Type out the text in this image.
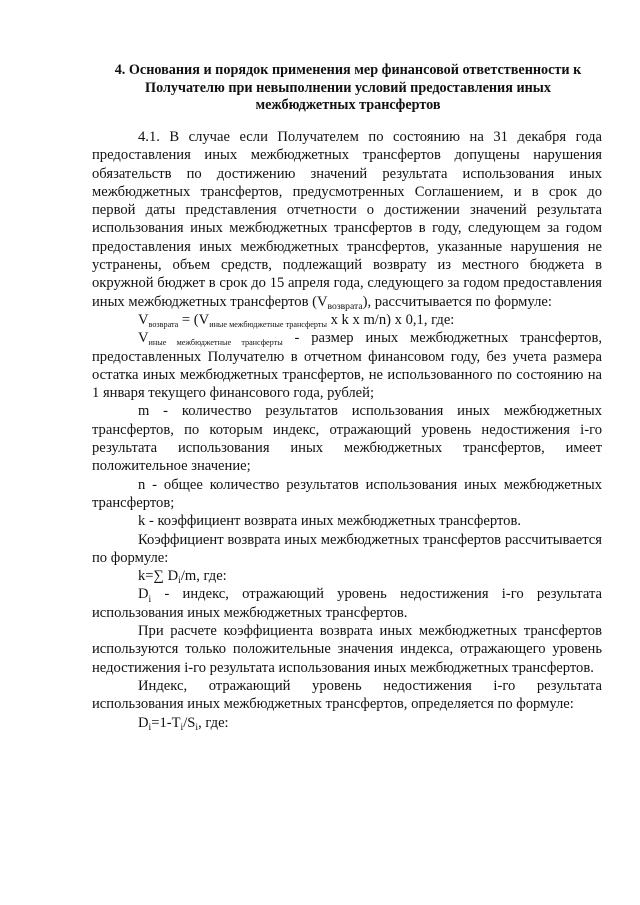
4. Основания и порядок применения мер финансовой ответственности к
Получателю при невыполнении условий предоставления иных
межбюджетных трансфертов

4.1. В случае если Получателем по состоянию на 31 декабря года предоставления иных межбюджетных трансфертов допущены нарушения обязательств по достижению значений результата использования иных межбюджетных трансфертов, предусмотренных Соглашением, и в срок до первой даты представления отчетности о достижении значений результата использования иных межбюджетных трансфертов в году, следующем за годом предоставления иных межбюджетных трансфертов, указанные нарушения не устранены, объем средств, подлежащий возврату из местного бюджета в окружной бюджет в срок до 15 апреля года, следующего за годом предоставления иных межбюджетных трансфертов $(V_{возврата})$, рассчитывается по формуле:

$V_{возврата} = (V_{иные межбюджетные трансферты}$ x k x m/n) x 0,1, где:

$V_{иные межбюджетные трансферты}$ - размер иных межбюджетных трансфертов, предоставленных Получателю в отчетном финансовом году, без учета размера остатка иных межбюджетных трансфертов, не использованного по состоянию на 1 января текущего финансового года, рублей;

m - количество результатов использования иных межбюджетных трансфертов, по которым индекс, отражающий уровень недостижения i-го результата использования иных межбюджетных трансфертов, имеет положительное значение;

n - общее количество результатов использования иных межбюджетных трансфертов;

k - коэффициент возврата иных межбюджетных трансфертов.

Коэффициент возврата иных межбюджетных трансфертов рассчитывается по формуле:

k=∑ $D_i/m$, где:

$D_i$ - индекс, отражающий уровень недостижения i-го результата использования иных межбюджетных трансфертов.

При расчете коэффициента возврата иных межбюджетных трансфертов используются только положительные значения индекса, отражающего уровень недостижения i-го результата использования иных межбюджетных трансфертов.

Индекс, отражающий уровень недостижения i-го результата использования иных межбюджетных трансфертов, определяется по формуле:

$D_i=1-T_i/S_i$, где:
